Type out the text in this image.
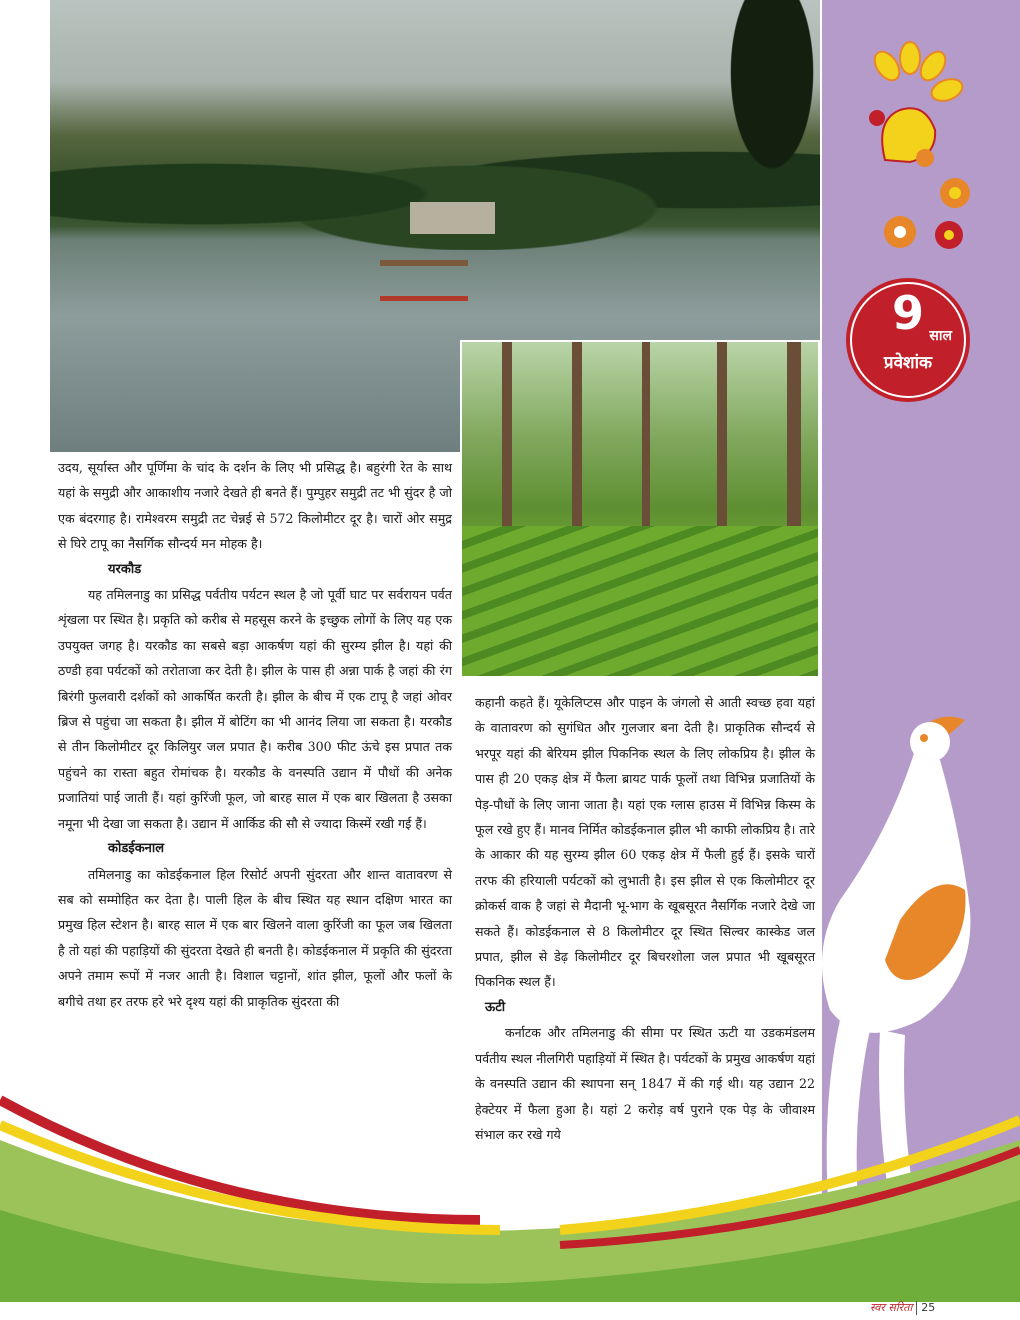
9 साल
प्रवेशांक

उदय, सूर्यास्त और पूर्णिमा के चांद के दर्शन के लिए भी प्रसिद्ध है। बहुरंगी रेत के साथ यहां के समुद्री और आकाशीय नजारे देखते ही बनते हैं। पुम्पुहर समुद्री तट भी सुंदर है जो एक बंदरगाह है। रामेश्वरम समुद्री तट चेन्नई से 572 किलोमीटर दूर है। चारों ओर समुद्र से घिरे टापू का नैसर्गिक सौन्दर्य मन मोहक है।

यरकौड

यह तमिलनाडु का प्रसिद्ध पर्वतीय पर्यटन स्थल है जो पूर्वी घाट पर सर्वरायन पर्वत शृंखला पर स्थित है। प्रकृति को करीब से महसूस करने के इच्छुक लोगों के लिए यह एक उपयुक्त जगह है। यरकौड का सबसे बड़ा आकर्षण यहां की सुरम्य झील है। यहां की ठण्डी हवा पर्यटकों को तरोताजा कर देती है। झील के पास ही अन्ना पार्क है जहां की रंग बिरंगी फुलवारी दर्शकों को आकर्षित करती है। झील के बीच में एक टापू है जहां ओवर ब्रिज से पहुंचा जा सकता है। झील में बोटिंग का भी आनंद लिया जा सकता है। यरकौड से तीन किलोमीटर दूर किलियुर जल प्रपात है। करीब 300 फीट ऊंचे इस प्रपात तक पहुंचने का रास्ता बहुत रोमांचक है। यरकौड के वनस्पति उद्यान में पौधों की अनेक प्रजातियां पाई जाती हैं। यहां कुरिंजी फूल, जो बारह साल में एक बार खिलता है उसका नमूना भी देखा जा सकता है। उद्यान में आर्किड की सौ से ज्यादा किस्में रखी गई हैं।

कोडईकनाल

तमिलनाडु का कोडईकनाल हिल रिसोर्ट अपनी सुंदरता और शान्त वातावरण से सब को सम्मोहित कर देता है। पाली हिल के बीच स्थित यह स्थान दक्षिण भारत का प्रमुख हिल स्टेशन है। बारह साल में एक बार खिलने वाला कुरिंजी का फूल जब खिलता है तो यहां की पहाड़ियों की सुंदरता देखते ही बनती है। कोडईकनाल में प्रकृति की सुंदरता अपने तमाम रूपों में नजर आती है। विशाल चट्टानों, शांत झील, फूलों और फलों के बगीचे तथा हर तरफ हरे भरे दृश्य यहां की प्राकृतिक सुंदरता की

कहानी कहते हैं। यूकेलिप्टस और पाइन के जंगलो से आती स्वच्छ हवा यहां के वातावरण को सुगंधित और गुलजार बना देती है। प्राकृतिक सौन्दर्य से भरपूर यहां की बेरियम झील पिकनिक स्थल के लिए लोकप्रिय है। झील के पास ही 20 एकड़ क्षेत्र में फैला ब्रायट पार्क फूलों तथा विभिन्न प्रजातियों के पेड़-पौधों के लिए जाना जाता है। यहां एक ग्लास हाउस में विभिन्न किस्म के फूल रखे हुए हैं। मानव निर्मित कोडईकनाल झील भी काफी लोकप्रिय है। तारे के आकार की यह सुरम्य झील 60 एकड़ क्षेत्र में फैली हुई हैं। इसके चारों तरफ की हरियाली पर्यटकों को लुभाती है। इस झील से एक किलोमीटर दूर क्रोकर्स वाक है जहां से मैदानी भू-भाग के खूबसूरत नैसर्गिक नजारे देखे जा सकते हैं। कोडईकनाल से 8 किलोमीटर दूर स्थित सिल्वर कास्केड जल प्रपात, झील से डेढ़ किलोमीटर दूर बिचरशोला जल प्रपात भी खूबसूरत पिकनिक स्थल हैं।

ऊटी

कर्नाटक और तमिलनाडु की सीमा पर स्थित ऊटी या उडकमंडलम पर्वतीय स्थल नीलगिरी पहाड़ियों में स्थित है। पर्यटकों के प्रमुख आकर्षण यहां के वनस्पति उद्यान की स्थापना सन् 1847 में की गई थी। यह उद्यान 22 हेक्टेयर में फैला हुआ है। यहां 2 करोड़ वर्ष पुराने एक पेड़ के जीवाश्म संभाल कर रखे गये

स्वर सरिता 25
